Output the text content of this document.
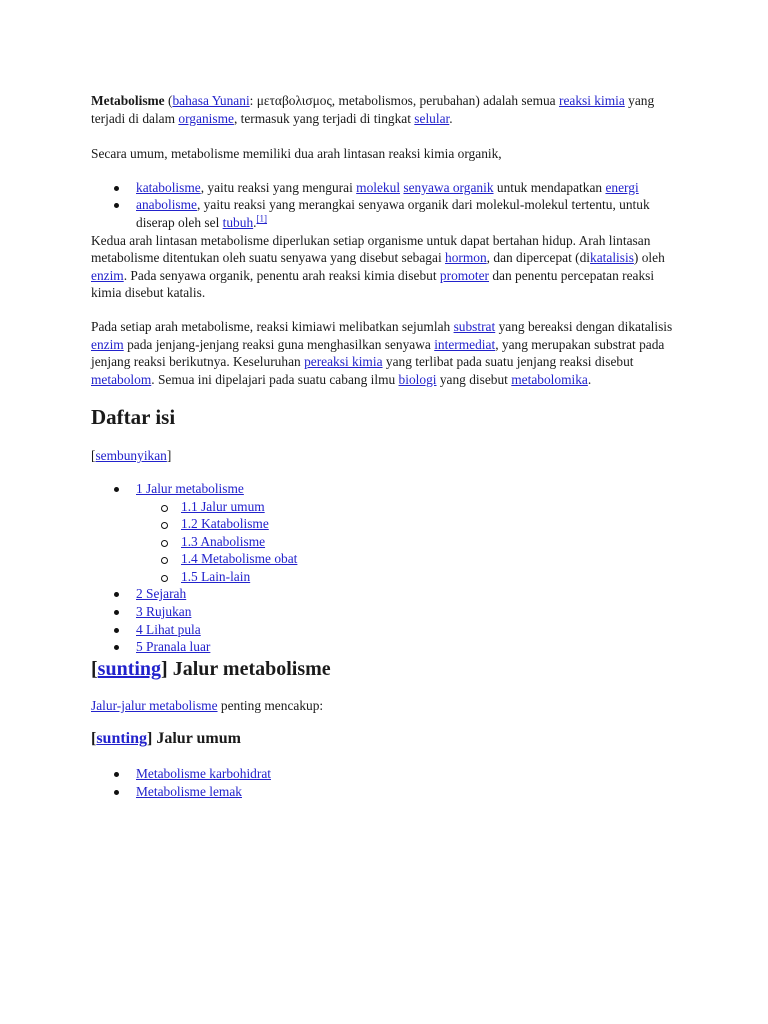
Metabolisme (bahasa Yunani: μεταβολισμος, metabolismos, perubahan) adalah semua reaksi kimia yang terjadi di dalam organisme, termasuk yang terjadi di tingkat selular.

Secara umum, metabolisme memiliki dua arah lintasan reaksi kimia organik,

katabolisme, yaitu reaksi yang mengurai molekul senyawa organik untuk mendapatkan energi
anabolisme, yaitu reaksi yang merangkai senyawa organik dari molekul-molekul tertentu, untuk diserap oleh sel tubuh.[1]

Kedua arah lintasan metabolisme diperlukan setiap organisme untuk dapat bertahan hidup. Arah lintasan metabolisme ditentukan oleh suatu senyawa yang disebut sebagai hormon, dan dipercepat (dikatalisis) oleh enzim. Pada senyawa organik, penentu arah reaksi kimia disebut promoter dan penentu percepatan reaksi kimia disebut katalis.

Pada setiap arah metabolisme, reaksi kimiawi melibatkan sejumlah substrat yang bereaksi dengan dikatalisis enzim pada jenjang-jenjang reaksi guna menghasilkan senyawa intermediat, yang merupakan substrat pada jenjang reaksi berikutnya. Keseluruhan pereaksi kimia yang terlibat pada suatu jenjang reaksi disebut metabolom. Semua ini dipelajari pada suatu cabang ilmu biologi yang disebut metabolomika.

Daftar isi
[sembunyikan]
1 Jalur metabolisme
1.1 Jalur umum
1.2 Katabolisme
1.3 Anabolisme
1.4 Metabolisme obat
1.5 Lain-lain
2 Sejarah
3 Rujukan
4 Lihat pula
5 Pranala luar
[sunting] Jalur metabolisme

Jalur-jalur metabolisme penting mencakup:

[sunting] Jalur umum
Metabolisme karbohidrat
Metabolisme lemak
